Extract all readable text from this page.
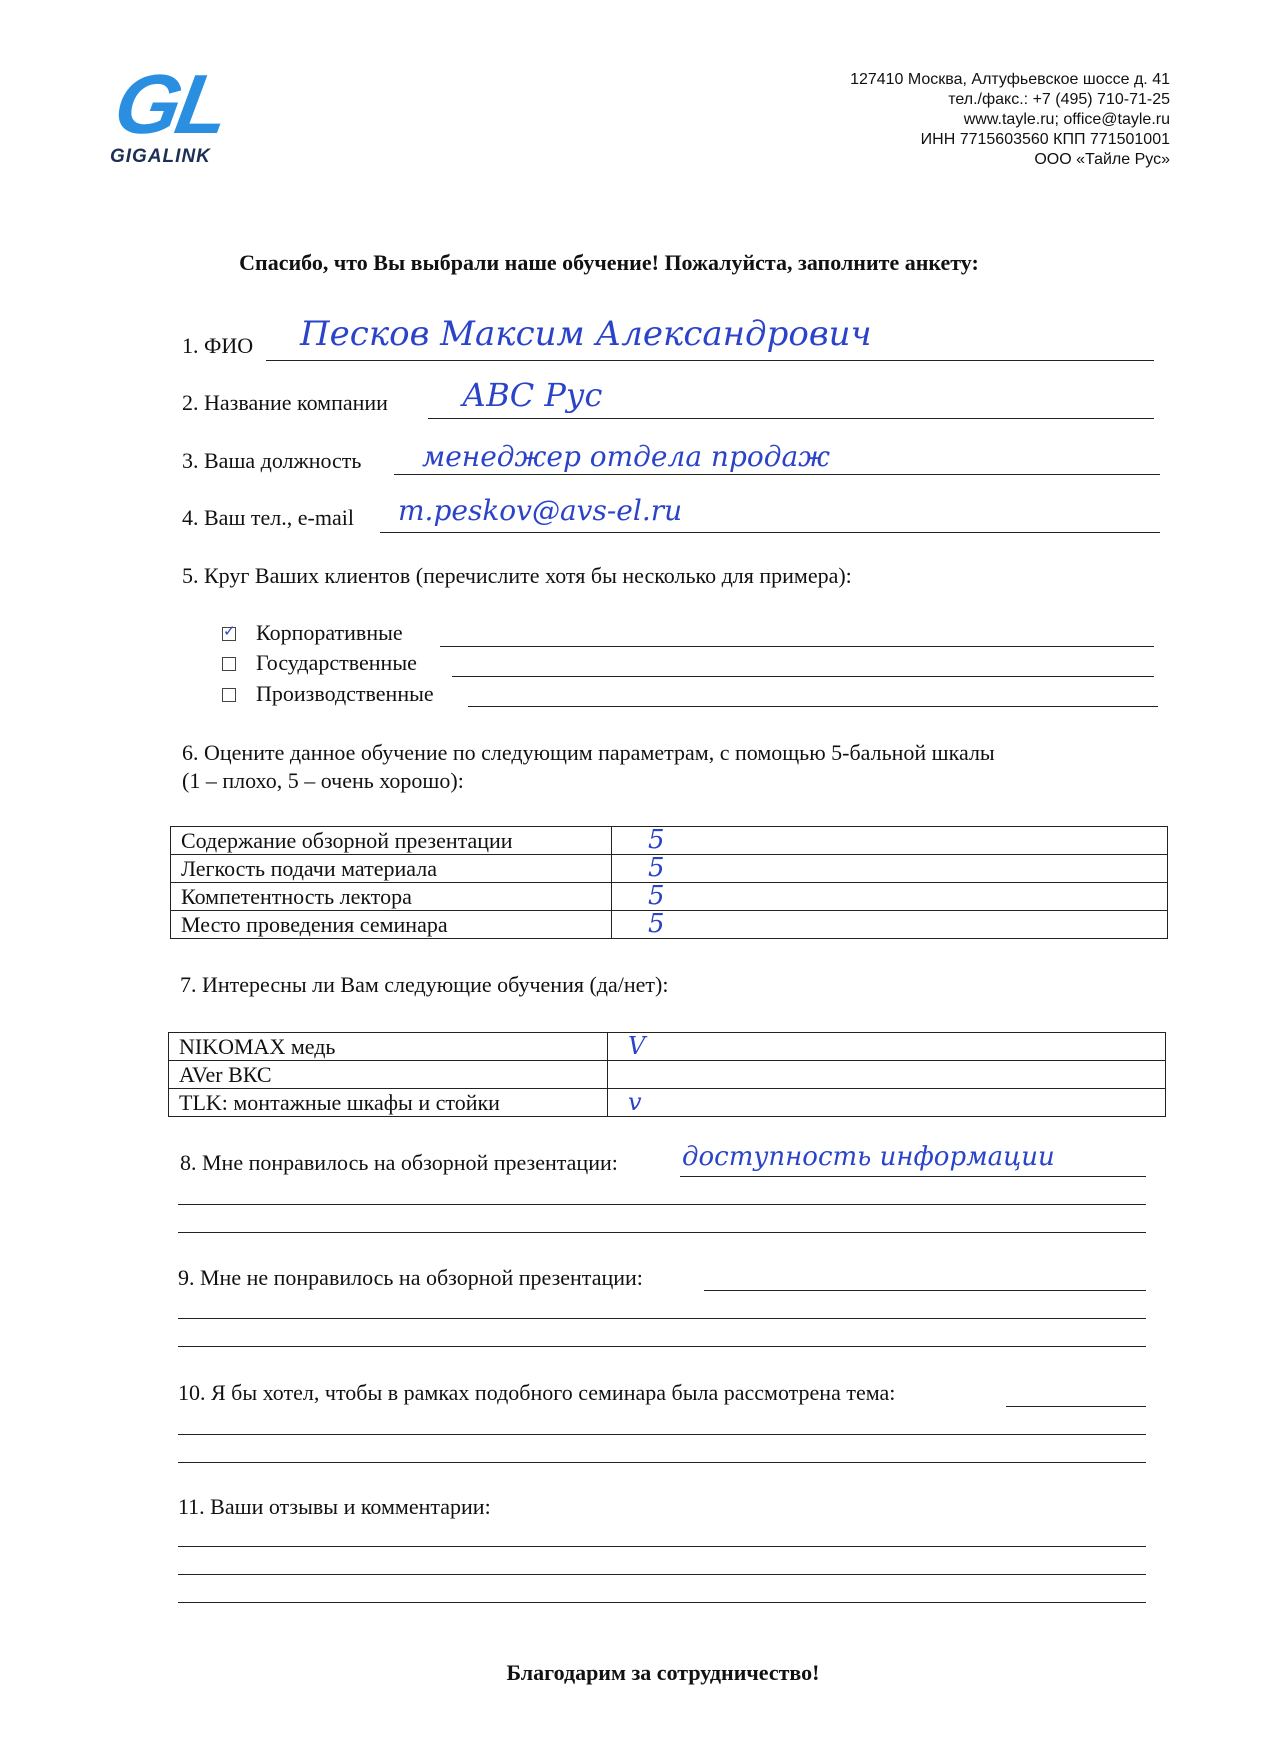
GL
GIGALINK
127410 Москва, Алтуфьевское шоссе д. 41
тел./факс.: +7 (495) 710-71-25
www.tayle.ru; office@tayle.ru
ИНН 7715603560 КПП 771501001
ООО «Тайле Рус»
Спасибо, что Вы выбрали наше обучение! Пожалуйста, заполните анкету:
1. ФИО Песков Максим Александрович
2. Название компании АВС Рус
3. Ваша должность менеджер отдела продаж
4. Ваш тел., e-mail m.peskov@avs-el.ru
5. Круг Ваших клиентов (перечислите хотя бы несколько для примера):
✓
Корпоративные
Государственные
Производственные
6. Оцените данное обучение по следующим параметрам, с помощью 5-бальной шкалы
(1 – плохо, 5 – очень хорошо):
Содержание обзорной презентации	5
Легкость подачи материала	5
Компетентность лектора	5
Место проведения семинара	5
7. Интересны ли Вам следующие обучения (да/нет):
NIKOMAX медь	V
AVer ВКС	
TLK: монтажные шкафы и стойки	v
8. Мне понравилось на обзорной презентации: доступность информации
9. Мне не понравилось на обзорной презентации:
10. Я бы хотел, чтобы в рамках подобного семинара была рассмотрена тема:
11. Ваши отзывы и комментарии:
Благодарим за сотрудничество!
